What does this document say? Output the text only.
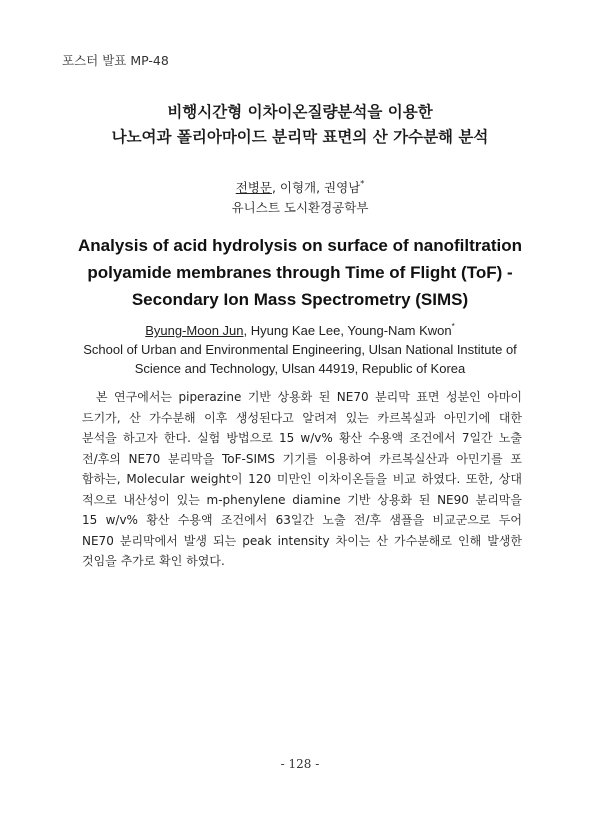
포스터 발표 MP-48
비행시간형 이차이온질량분석을 이용한
나노여과 폴리아마이드 분리막 표면의 산 가수분해 분석
전병문, 이형개, 권영남*
유니스트 도시환경공학부
Analysis of acid hydrolysis on surface of nanofiltration
polyamide membranes through Time of Flight (ToF) -
Secondary Ion Mass Spectrometry (SIMS)
Byung-Moon Jun, Hyung Kae Lee, Young-Nam Kwon*
School of Urban and Environmental Engineering, Ulsan National Institute of
Science and Technology, Ulsan 44919, Republic of Korea
본 연구에서는 piperazine 기반 상용화 된 NE70 분리막 표면 성분인 아마이
드기가, 산 가수분해 이후 생성된다고 알려져 있는 카르복실과 아민기에 대한
분석을 하고자 한다. 실험 방법으로 15 w/v% 황산 수용액 조건에서 7일간 노출
전/후의 NE70 분리막을 ToF-SIMS 기기를 이용하여 카르복실산과 아민기를 포
함하는, Molecular weight이 120 미만인 이차이온들을 비교 하였다. 또한, 상대
적으로 내산성이 있는 m-phenylene diamine 기반 상용화 된 NE90 분리막을
15 w/v% 황산 수용액 조건에서 63일간 노출 전/후 샘플을 비교군으로 두어
NE70 분리막에서 발생 되는 peak intensity 차이는 산 가수분해로 인해 발생한
것임을 추가로 확인 하였다.
- 128 -
